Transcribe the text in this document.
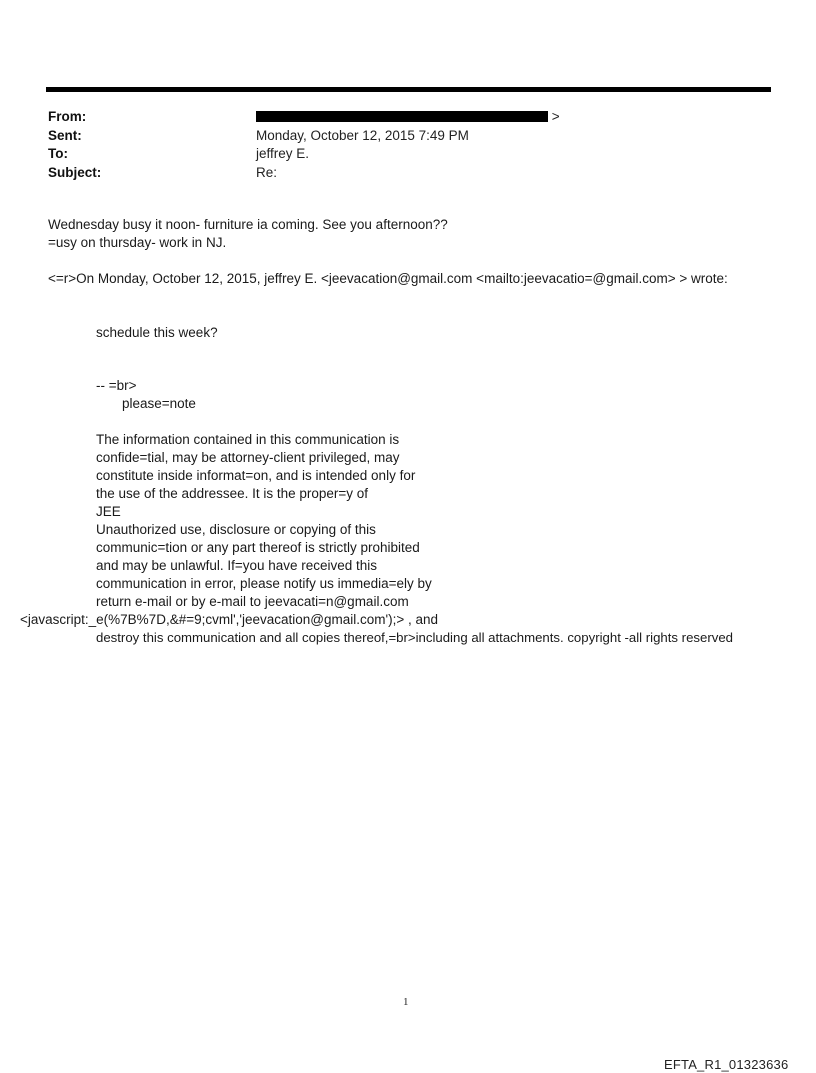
From:	>
Sent:	Monday, October 12, 2015 7:49 PM
To:	jeffrey E.
Subject:	Re:
Wednesday busy it noon- furniture ia coming. See you afternoon??
=usy on thursday- work in NJ.
<=r>On Monday, October 12, 2015, jeffrey E. <jeevacation@gmail.com <mailto:jeevacatio=@gmail.com> > wrote:
schedule this week?
-- =br>
please=note
The information contained in this communication is
confide=tial, may be attorney-client privileged, may
constitute inside informat=on, and is intended only for
the use of the addressee. It is the proper=y of
JEE
Unauthorized use, disclosure or copying of this
communic=tion or any part thereof is strictly prohibited
and may be unlawful. If=you have received this
communication in error, please notify us immedia=ely by
return e-mail or by e-mail to jeevacati=n@gmail.com
<javascript:_e(%7B%7D,&#=9;cvml','jeevacation@gmail.com');> , and
destroy this communication and all copies thereof,=br>including all attachments. copyright -all rights reserved
1
EFTA_R1_01323636
